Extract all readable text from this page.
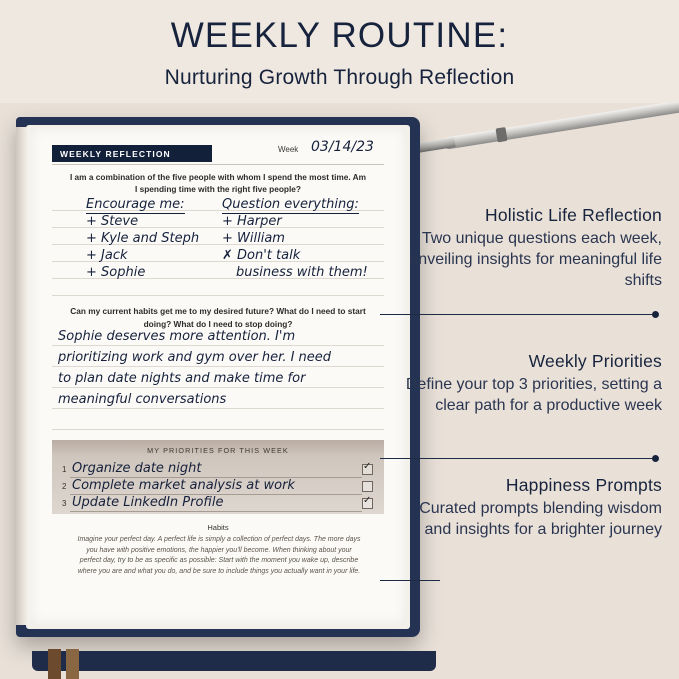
WEEKLY ROUTINE:

Nurturing Growth Through Reflection

WEEKLY REFLECTION	Week 03/14/23
I am a combination of the five people with whom I spend the most time. Am I spending time with the right five people?
Encourage me:
+ Steve
+ Kyle and Steph
+ Jack
+ Sophie
Question everything:
+ Harper
+ William
✗ Don't talk
business with them!
Can my current habits get me to my desired future? What do I need to start doing? What do I need to stop doing?
Sophie deserves more attention. I'm
prioritizing work and gym over her. I need
to plan date nights and make time for
meaningful conversations
MY PRIORITIES FOR THIS WEEK
1 Organize date night
✓
2 Complete market analysis at work
3 Update LinkedIn Profile
✓
Habits
Imagine your perfect day. A perfect life is simply a collection of perfect days. The more days you have with positive emotions, the happier you'll become. When thinking about your perfect day, try to be as specific as possible: Start with the moment you wake up, describe where you are and what you do, and be sure to include things you actually want in your life.
Holistic Life Reflection

Two unique questions each week, unveiling insights for meaningful life shifts

Weekly Priorities

Define your top 3 priorities, setting a clear path for a productive week

Happiness Prompts

Curated prompts blending wisdom and insights for a brighter journey
